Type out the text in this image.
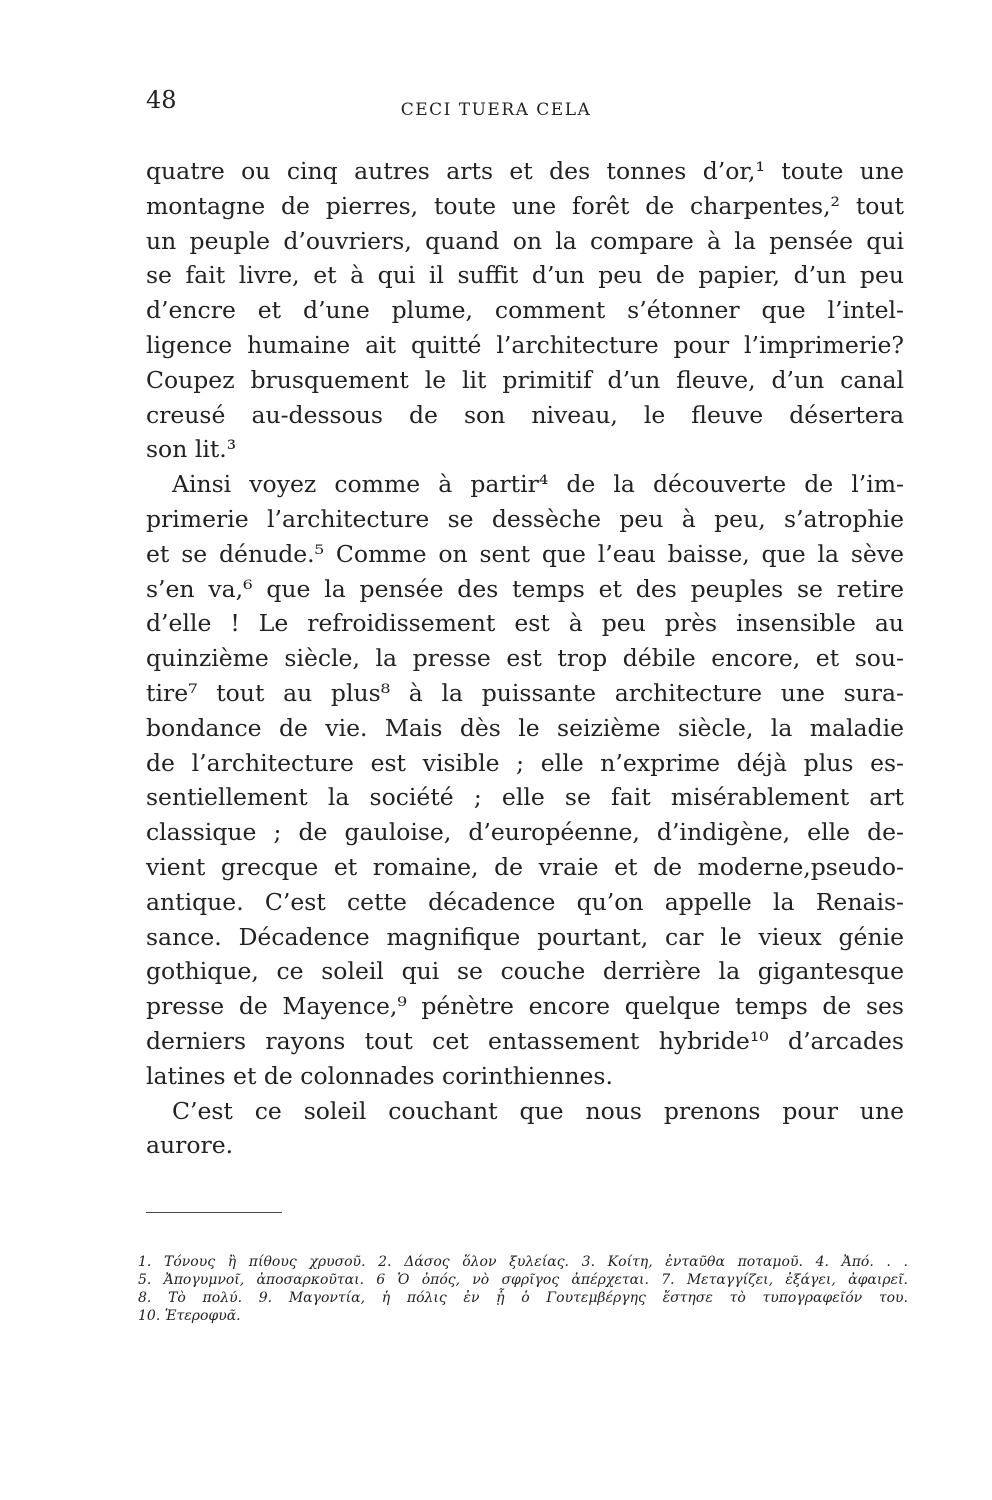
48	CECI TUERA CELA
quatre ou cinq autres arts et des tonnes d’or,¹ toute une
montagne de pierres, toute une forêt de charpentes,² tout
un peuple d’ouvriers, quand on la compare à la pensée qui
se fait livre, et à qui il suffit d’un peu de papier, d’un peu
d’encre et d’une plume, comment s’étonner que l’intel-
ligence humaine ait quitté l’architecture pour l’imprimerie?
Coupez brusquement le lit primitif d’un fleuve, d’un canal
creusé au-dessous de son niveau, le fleuve désertera
son lit.³
Ainsi voyez comme à partir⁴ de la découverte de l’im-
primerie l’architecture se dessèche peu à peu, s’atrophie
et se dénude.⁵ Comme on sent que l’eau baisse, que la sève
s’en va,⁶ que la pensée des temps et des peuples se retire
d’elle ! Le refroidissement est à peu près insensible au
quinzième siècle, la presse est trop débile encore, et sou-
tire⁷ tout au plus⁸ à la puissante architecture une sura-
bondance de vie. Mais dès le seizième siècle, la maladie
de l’architecture est visible ; elle n’exprime déjà plus es-
sentiellement la société ; elle se fait misérablement art
classique ; de gauloise, d’européenne, d’indigène, elle de-
vient grecque et romaine, de vraie et de moderne,pseudo-
antique. C’est cette décadence qu’on appelle la Renais-
sance. Décadence magnifique pourtant, car le vieux génie
gothique, ce soleil qui se couche derrière la gigantesque
presse de Mayence,⁹ pénètre encore quelque temps de ses
derniers rayons tout cet entassement hybride¹⁰ d’arcades
latines et de colonnades corinthiennes.
C’est ce soleil couchant que nous prenons pour une
aurore.
1. Τόνους ἢ πίθους χρυσοῦ. 2. Δάσος ὅλον ξυλείας. 3. Κοίτη, ἐνταῦθα ποταμοῦ. 4. Ἀπό. . .
5. Ἀπογυμνοῖ, ἀποσαρκοῦται. 6 Ὁ ὀπός, νὸ σφρῖγος ἀπέρχεται. 7. Μεταγγίζει, ἐξάγει, ἀφαιρεῖ.
8. Τὸ πολύ. 9. Μαγοντία, ἡ πόλις ἐν ᾗ ὁ Γουτεμβέργης ἔστησε τὸ τυπογραφεῖόν του.
10. Ἑτεροφυᾶ.
